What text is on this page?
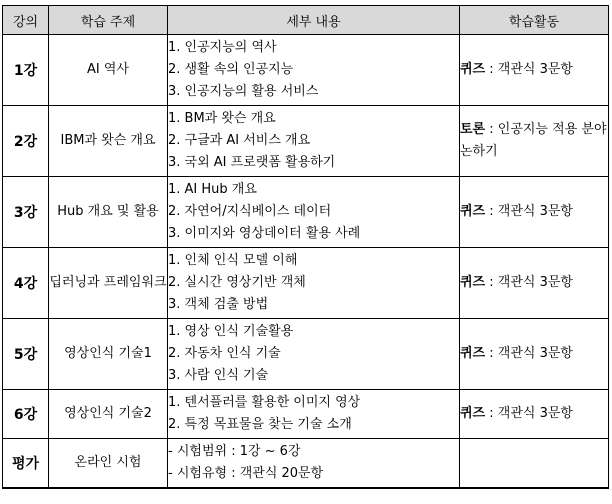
강의	학습 주제	세부 내용	학습활동
1강	AI 역사	1. 인공지능의 역사
2. 생활 속의 인공지능
3. 인공지능의 활용 서비스	퀴즈 : 객관식 3문항
2강	IBM과 왓슨 개요	1. BM과 왓슨 개요
2. 구글과 AI 서비스 개요
3. 국외 AI 프로랫폼 활용하기	토론 : 인공지능 적용 분야 논하기
3강	Hub 개요 및 활용	1. AI Hub 개요
2. 자연어/지식베이스 데이터
3. 이미지와 영상데이터 활용 사례	퀴즈 : 객관식 3문항
4강	딥러닝과 프레임워크	1. 인체 인식 모델 이해
2. 실시간 영상기반 객체
3. 객체 검출 방법	퀴즈 : 객관식 3문항
5강	영상인식 기술1	1. 영상 인식 기술활용
2. 자동차 인식 기술
3. 사람 인식 기술	퀴즈 : 객관식 3문항
6강	영상인식 기술2	1. 텐서플러를 활용한 이미지 영상
2. 특정 목표물을 찾는 기술 소개	퀴즈 : 객관식 3문항
평가	온라인 시험	- 시험범위 : 1강 ~ 6강
- 시험유형 : 객관식 20문항	
